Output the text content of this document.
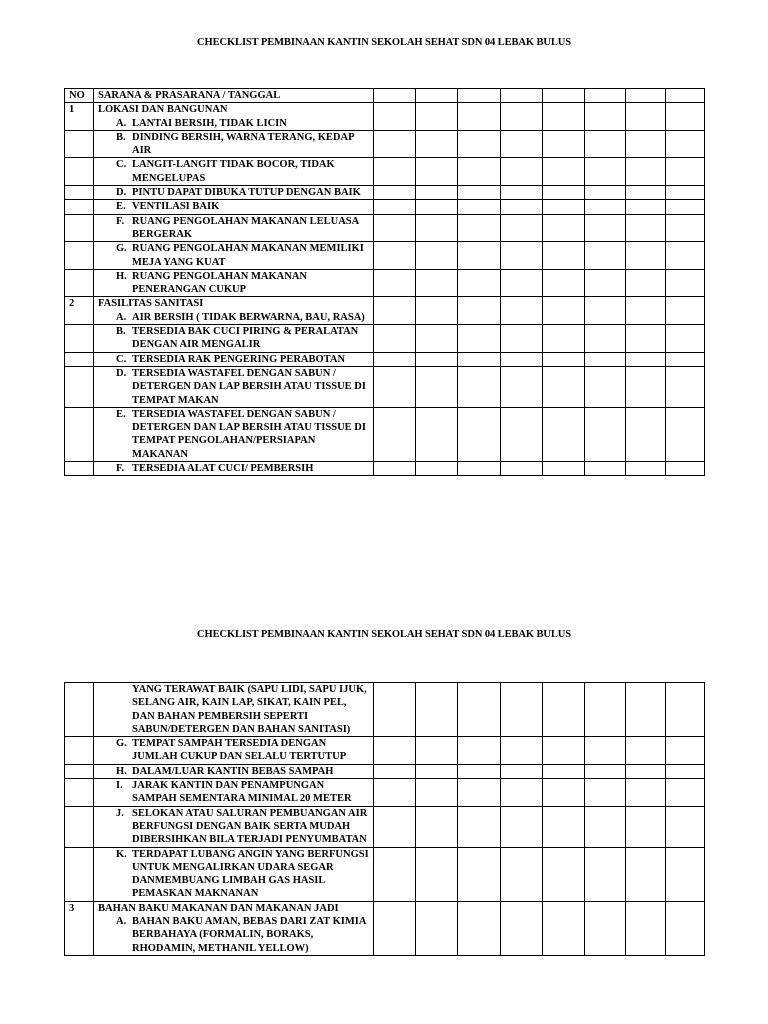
CHECKLIST PEMBINAAN KANTIN SEKOLAH SEHAT SDN 04 LEBAK BULUS
NO	SARANA & PRASARANA / TANGGAL								
1	LOKASI DAN BANGUNAN
A. LANTAI BERSIH, TIDAK LICIN								

	B. DINDING BERSIH, WARNA TERANG, KEDAP AIR								

	C. LANGIT-LANGIT TIDAK BOCOR, TIDAK MENGELUPAS								

	D. PINTU DAPAT DIBUKA TUTUP DENGAN BAIK								

	E. VENTILASI BAIK								

	F. RUANG PENGOLAHAN MAKANAN LELUASA BERGERAK								

	G. RUANG PENGOLAHAN MAKANAN MEMILIKI MEJA YANG KUAT								

	H. RUANG PENGOLAHAN MAKANAN PENERANGAN CUKUP								

2	FASILITAS SANITASI
A. AIR BERSIH ( TIDAK BERWARNA, BAU, RASA)								

	B. TERSEDIA BAK CUCI PIRING & PERALATAN DENGAN AIR MENGALIR								

	C. TERSEDIA RAK PENGERING PERABOTAN								

	D. TERSEDIA WASTAFEL DENGAN SABUN / DETERGEN DAN LAP BERSIH ATAU TISSUE DI TEMPAT MAKAN								

	E. TERSEDIA WASTAFEL DENGAN SABUN / DETERGEN DAN LAP BERSIH ATAU TISSUE DI TEMPAT PENGOLAHAN/PERSIAPAN MAKANAN								

	F. TERSEDIA ALAT CUCI/ PEMBERSIH								

CHECKLIST PEMBINAAN KANTIN SEKOLAH SEHAT SDN 04 LEBAK BULUS

	YANG TERAWAT BAIK (SAPU LIDI, SAPU IJUK, SELANG AIR, KAIN LAP, SIKAT, KAIN PEL, DAN BAHAN PEMBERSIH SEPERTI SABUN/DETERGEN DAN BAHAN SANITASI)								

	G. TEMPAT SAMPAH TERSEDIA DENGAN JUMLAH CUKUP DAN SELALU TERTUTUP								

	H. DALAM/LUAR KANTIN BEBAS SAMPAH								

	I. JARAK KANTIN DAN PENAMPUNGAN SAMPAH SEMENTARA MINIMAL 20 METER								

	J. SELOKAN ATAU SALURAN PEMBUANGAN AIR BERFUNGSI DENGAN BAIK SERTA MUDAH DIBERSIHKAN BILA TERJADI PENYUMBATAN								

	K. TERDAPAT LUBANG ANGIN YANG BERFUNGSI UNTUK MENGALIRKAN UDARA SEGAR DANMEMBUANG LIMBAH GAS HASIL PEMASKAN MAKNANAN								

3	BAHAN BAKU MAKANAN DAN MAKANAN JADI
A. BAHAN BAKU AMAN, BEBAS DARI ZAT KIMIA BERBAHAYA (FORMALIN, BORAKS, RHODAMIN, METHANIL YELLOW)								
